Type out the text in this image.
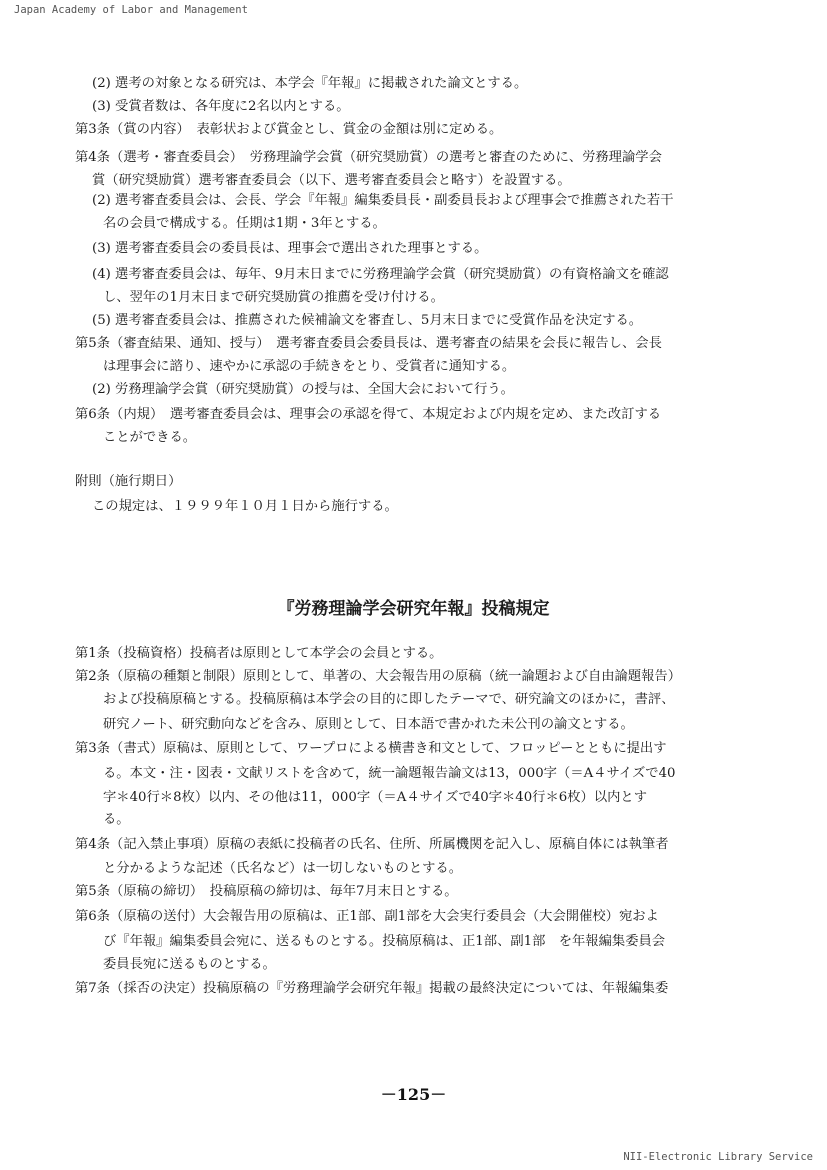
Japan Academy of Labor and Management
(2) 選考の対象となる研究は、本学会『年報』に掲載された論文とする。
(3) 受賞者数は、各年度に2名以内とする。
第3条（賞の内容）　表彰状および賞金とし、賞金の金額は別に定める。
第4条（選考・審査委員会）　労務理論学会賞（研究奨励賞）の選考と審査のために、労務理論学会
賞（研究奨励賞）選考審査委員会（以下、選考審査委員会と略す）を設置する。
(2) 選考審査委員会は、会長、学会『年報』編集委員長・副委員長および理事会で推薦された若干
名の会員で構成する。任期は1期・3年とする。
(3) 選考審査委員会の委員長は、理事会で選出された理事とする。
(4) 選考審査委員会は、毎年、9月末日までに労務理論学会賞（研究奨励賞）の有資格論文を確認
し、翌年の1月末日まで研究奨励賞の推薦を受け付ける。
(5) 選考審査委員会は、推薦された候補論文を審査し、5月末日までに受賞作品を決定する。
第5条（審査結果、通知、授与）　選考審査委員会委員長は、選考審査の結果を会長に報告し、会長
は理事会に諮り、速やかに承認の手続きをとり、受賞者に通知する。
(2) 労務理論学会賞（研究奨励賞）の授与は、全国大会において行う。
第6条（内規）　選考審査委員会は、理事会の承認を得て、本規定および内規を定め、また改訂する
ことができる。
附則（施行期日）
この規定は、１９９９年１０月１日から施行する。
『労務理論学会研究年報』投稿規定
第1条（投稿資格）投稿者は原則として本学会の会員とする。
第2条（原稿の種類と制限）原則として、単著の、大会報告用の原稿（統一論題および自由論題報告）
および投稿原稿とする。投稿原稿は本学会の目的に即したテーマで、研究論文のほかに，書評、
研究ノート、研究動向などを含み、原則として、日本語で書かれた未公刊の論文とする。
第3条（書式）原稿は、原則として、ワープロによる横書き和文として、フロッピーとともに提出す
る。本文・注・図表・文献リストを含めて，統一論題報告論文は13，000字（＝A４サイズで40
字＊40行＊8枚）以内、その他は11，000字（＝A４サイズで40字＊40行＊6枚）以内とす
る。
第4条（記入禁止事項）原稿の表紙に投稿者の氏名、住所、所属機関を記入し、原稿自体には執筆者
と分かるような記述（氏名など）は一切しないものとする。
第5条（原稿の締切）　投稿原稿の締切は、毎年7月末日とする。
第6条（原稿の送付）大会報告用の原稿は、正1部、副1部を大会実行委員会（大会開催校）宛およ
び『年報』編集委員会宛に、送るものとする。投稿原稿は、正1部、副1部　を年報編集委員会
委員長宛に送るものとする。
第7条（採否の決定）投稿原稿の『労務理論学会研究年報』掲載の最終決定については、年報編集委
－125－
NII-Electronic Library Service
